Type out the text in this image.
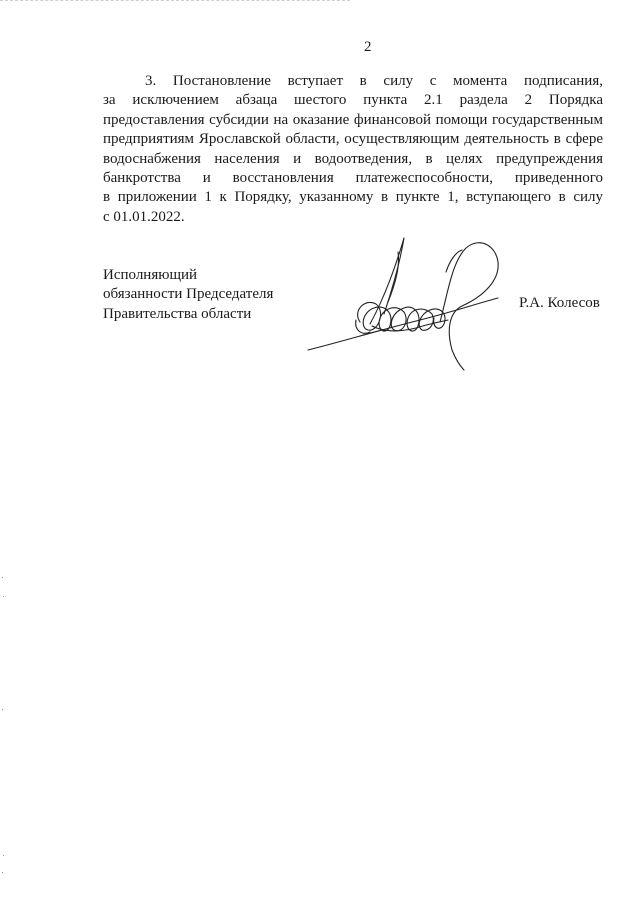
2
3. Постановление вступает в силу с момента подписания,
за исключением абзаца шестого пункта 2.1 раздела 2 Порядка
предоставления субсидии на оказание финансовой помощи государственным
предприятиям Ярославской области, осуществляющим деятельность в сфере
водоснабжения населения и водоотведения, в целях предупреждения
банкротства и восстановления платежеспособности, приведенного
в приложении 1 к Порядку, указанному в пункте 1, вступающего в силу
с 01.01.2022.
Исполняющий
обязанности Председателя
Правительства области
Р.А. Колесов
